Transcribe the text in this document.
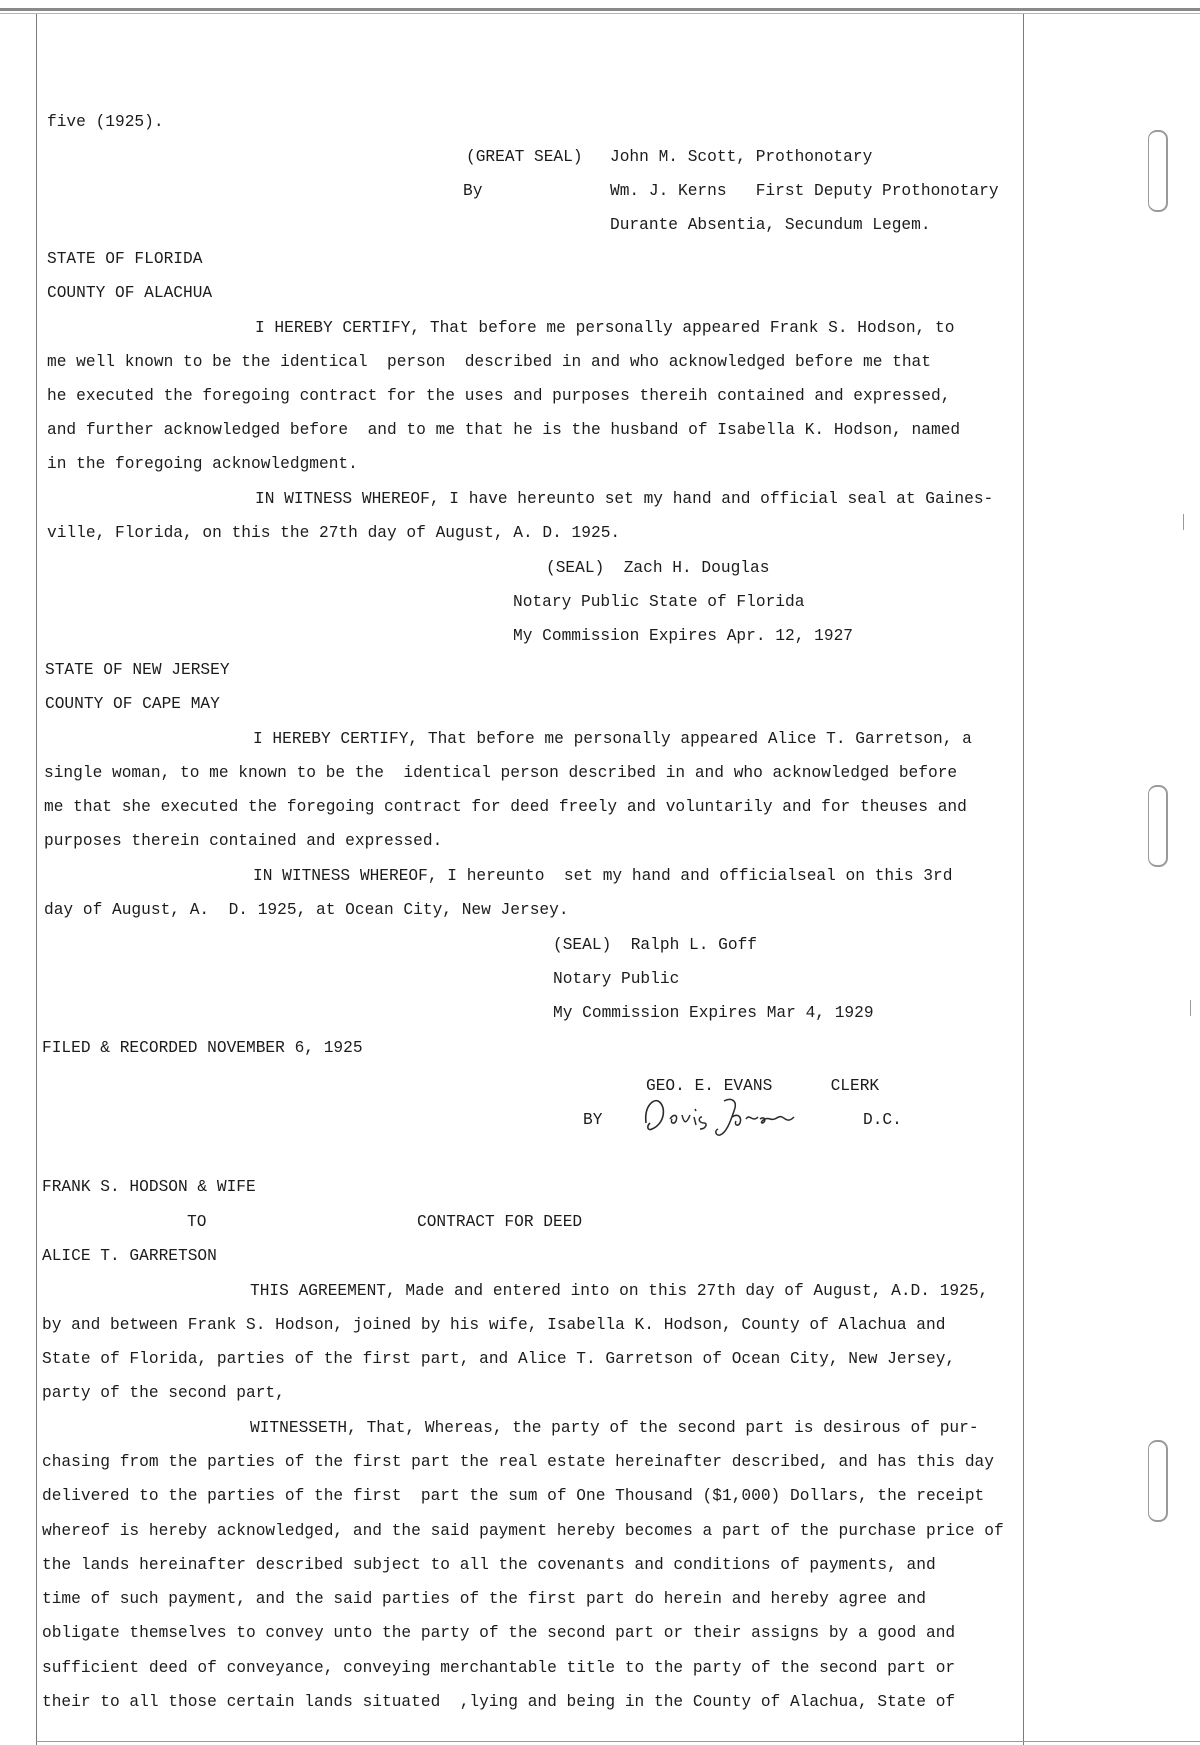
five (1925).
(GREAT SEAL) John M. Scott, Prothonotary
By	Wm. J. Kerns   First Deputy Prothonotary
Durante Absentia, Secundum Legem.
STATE OF FLORIDA
COUNTY OF ALACHUA
I HEREBY CERTIFY, That before me personally appeared Frank S. Hodson, to
me well known to be the identical  person  described in and who acknowledged before me that
he executed the foregoing contract for the uses and purposes thereih contained and expressed,
and further acknowledged before  and to me that he is the husband of Isabella K. Hodson, named
in the foregoing acknowledgment.
IN WITNESS WHEREOF, I have hereunto set my hand and official seal at Gaines-
ville, Florida, on this the 27th day of August, A. D. 1925.
(SEAL)  Zach H. Douglas
Notary Public State of Florida
My Commission Expires Apr. 12, 1927
STATE OF NEW JERSEY
COUNTY OF CAPE MAY
I HEREBY CERTIFY, That before me personally appeared Alice T. Garretson, a
single woman, to me known to be the  identical person described in and who acknowledged before
me that she executed the foregoing contract for deed freely and voluntarily and for theuses and
purposes therein contained and expressed.
IN WITNESS WHEREOF, I hereunto  set my hand and officialseal on this 3rd
day of August, A.  D. 1925, at Ocean City, New Jersey.
(SEAL)  Ralph L. Goff
Notary Public
My Commission Expires Mar 4, 1929
FILED & RECORDED NOVEMBER 6, 1925
GEO. E. EVANS      CLERK
BY	D.C.
FRANK S. HODSON & WIFE
TO	CONTRACT FOR DEED
ALICE T. GARRETSON
THIS AGREEMENT, Made and entered into on this 27th day of August, A.D. 1925,
by and between Frank S. Hodson, joined by his wife, Isabella K. Hodson, County of Alachua and
State of Florida, parties of the first part, and Alice T. Garretson of Ocean City, New Jersey,
party of the second part,
WITNESSETH, That, Whereas, the party of the second part is desirous of pur-
chasing from the parties of the first part the real estate hereinafter described, and has this day
delivered to the parties of the first  part the sum of One Thousand ($1,000) Dollars, the receipt
whereof is hereby acknowledged, and the said payment hereby becomes a part of the purchase price of
the lands hereinafter described subject to all the covenants and conditions of payments, and
time of such payment, and the said parties of the first part do herein and hereby agree and
obligate themselves to convey unto the party of the second part or their assigns by a good and
sufficient deed of conveyance, conveying merchantable title to the party of the second part or
their to all those certain lands situated  ,lying and being in the County of Alachua, State of
